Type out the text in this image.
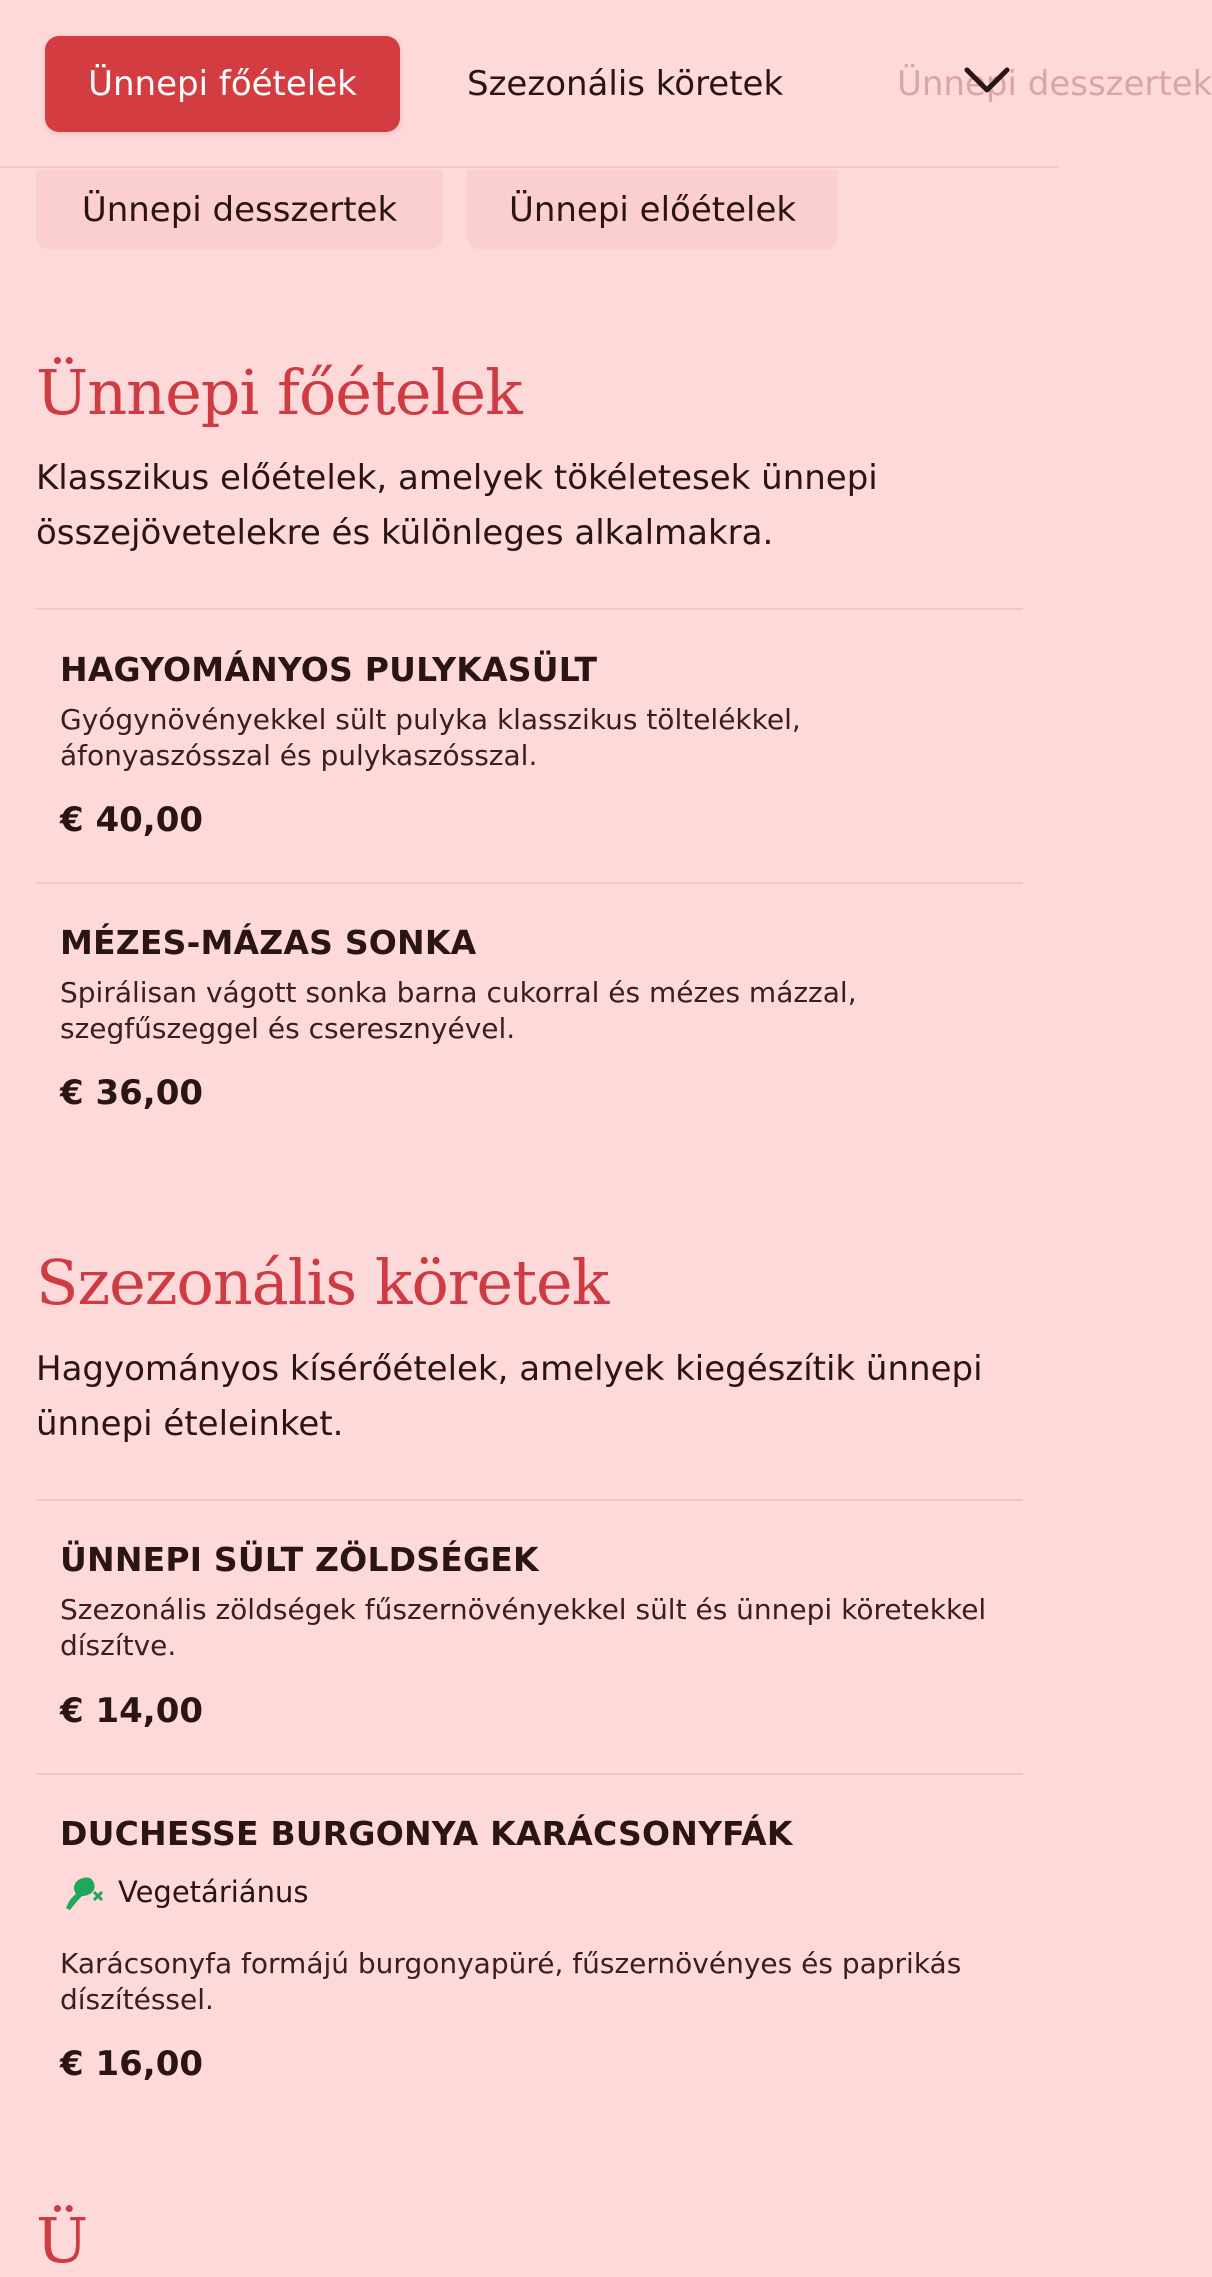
Ünnepi főételek	Szezonális köretek	Ünnepi desszertek
Ünnepi desszertek	Ünnepi előételek
Ünnepi főételek

Klasszikus előételek, amelyek tökéletesek ünnepi összejövetelekre és különleges alkalmakra.

HAGYOMÁNYOS PULYKASÜLT
Gyógynövényekkel sült pulyka klasszikus töltelékkel, áfonyaszósszal és pulykaszósszal.
€ 40,00
MÉZES-MÁZAS SONKA
Spirálisan vágott sonka barna cukorral és mézes mázzal, szegfűszeggel és cseresznyével.
€ 36,00
Szezonális köretek

Hagyományos kísérőételek, amelyek kiegészítik ünnepi ünnepi ételeinket.

ÜNNEPI SÜLT ZÖLDSÉGEK
Szezonális zöldségek fűszernövényekkel sült és ünnepi köretekkel díszítve.
€ 14,00
DUCHESSE BURGONYA KARÁCSONYFÁK
Vegetáriánus
Karácsonyfa formájú burgonyapüré, fűszernövényes és paprikás díszítéssel.
€ 16,00
Ü
